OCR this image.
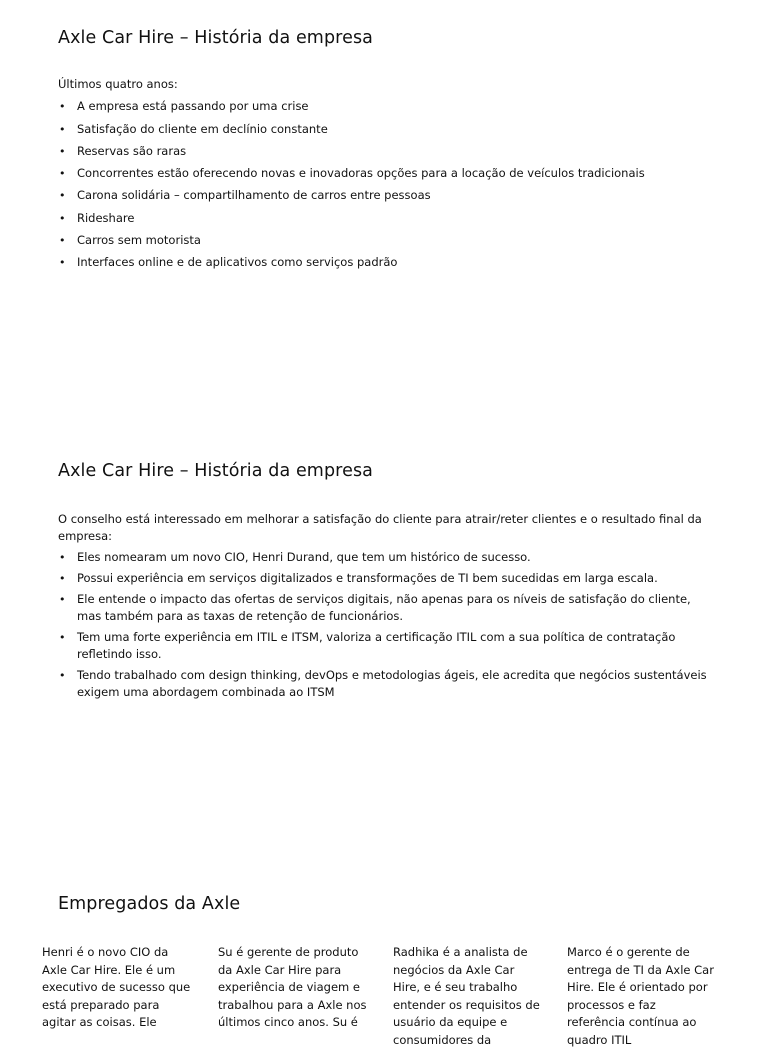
Axle Car Hire – História da empresa

Últimos quatro anos:

• A empresa está passando por uma crise
• Satisfação do cliente em declínio constante
• Reservas são raras
• Concorrentes estão oferecendo novas e inovadoras opções para a locação de veículos tradicionais
• Carona solidária – compartilhamento de carros entre pessoas
• Rideshare
• Carros sem motorista
• Interfaces online e de aplicativos como serviços padrão
Axle Car Hire – História da empresa

O conselho está interessado em melhorar a satisfação do cliente para atrair/reter clientes e o resultado final da empresa:

• Eles nomearam um novo CIO, Henri Durand, que tem um histórico de sucesso.
• Possui experiência em serviços digitalizados e transformações de TI bem sucedidas em larga escala.
• Ele entende o impacto das ofertas de serviços digitais, não apenas para os níveis de satisfação do cliente, mas também para as taxas de retenção de funcionários.
• Tem uma forte experiência em ITIL e ITSM, valoriza a certificação ITIL com a sua política de contratação refletindo isso.
• Tendo trabalhado com design thinking, devOps e metodologias ágeis, ele acredita que negócios sustentáveis exigem uma abordagem combinada ao ITSM
Empregados da Axle

Henri é o novo CIO da Axle Car Hire. Ele é um executivo de sucesso que está preparado para agitar as coisas. Ele

Su é gerente de produto da Axle Car Hire para experiência de viagem e trabalhou para a Axle nos últimos cinco anos. Su é

Radhika é a analista de negócios da Axle Car Hire, e é seu trabalho entender os requisitos de usuário da equipe e consumidores da

Marco é o gerente de entrega de TI da Axle Car Hire. Ele é orientado por processos e faz referência contínua ao quadro ITIL
